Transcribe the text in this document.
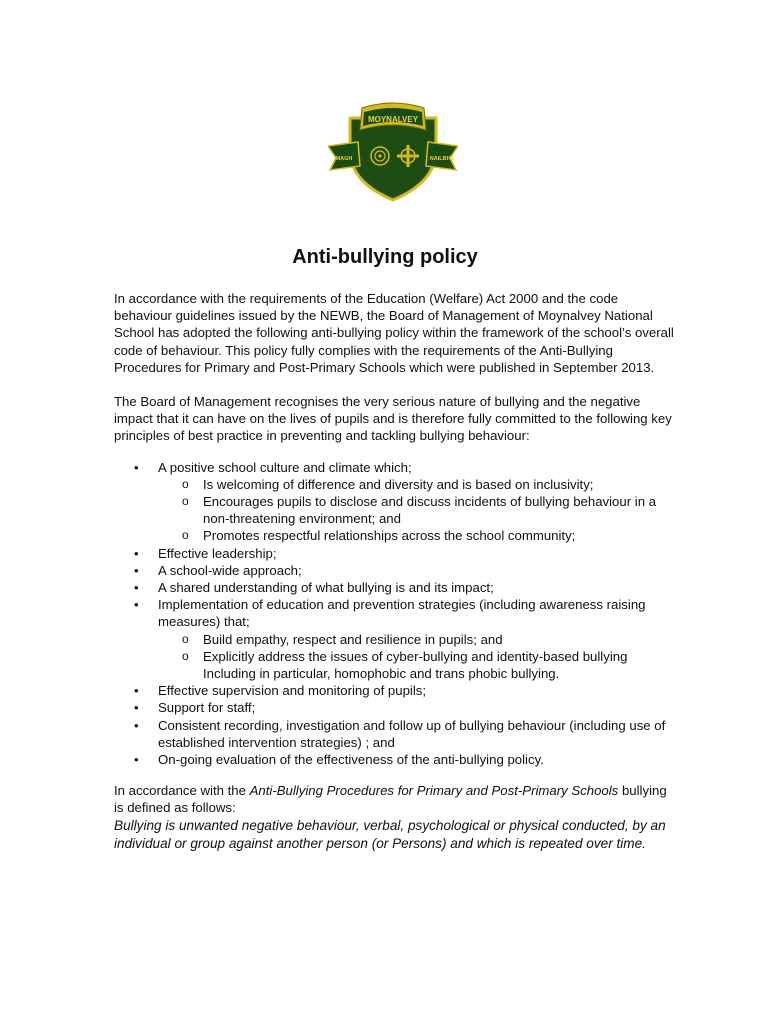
Ait Mhic
MOYNALVEY
MAGH	NAILBHE
Anti-bullying policy

In accordance with the requirements of the Education (Welfare) Act 2000 and the code behaviour guidelines issued by the NEWB, the Board of Management of Moynalvey National School has adopted the following anti-bullying policy within the framework of the school’s overall code of behaviour. This policy fully complies with the requirements of the Anti-Bullying Procedures for Primary and Post-Primary Schools which were published in September 2013.

The Board of Management recognises the very serious nature of bullying and the negative impact that it can have on the lives of pupils and is therefore fully committed to the following key principles of best practice in preventing and tackling bullying behaviour:

• A positive school culture and climate which;
o Is welcoming of difference and diversity and is based on inclusivity;
o Encourages pupils to disclose and discuss incidents of bullying behaviour in a non-threatening environment; and
o Promotes respectful relationships across the school community;
• Effective leadership;
• A school-wide approach;
• A shared understanding of what bullying is and its impact;
• Implementation of education and prevention strategies (including awareness raising measures) that;
o Build empathy, respect and resilience in pupils; and
o Explicitly address the issues of cyber-bullying and identity-based bullying Including in particular, homophobic and trans phobic bullying.
• Effective supervision and monitoring of pupils;
• Support for staff;
• Consistent recording, investigation and follow up of bullying behaviour (including use of established intervention strategies) ; and
• On-going evaluation of the effectiveness of the anti-bullying policy.

In accordance with the Anti-Bullying Procedures for Primary and Post-Primary Schools bullying is defined as follows:

Bullying is unwanted negative behaviour, verbal, psychological or physical conducted, by an individual or group against another person (or Persons) and which is repeated over time.
